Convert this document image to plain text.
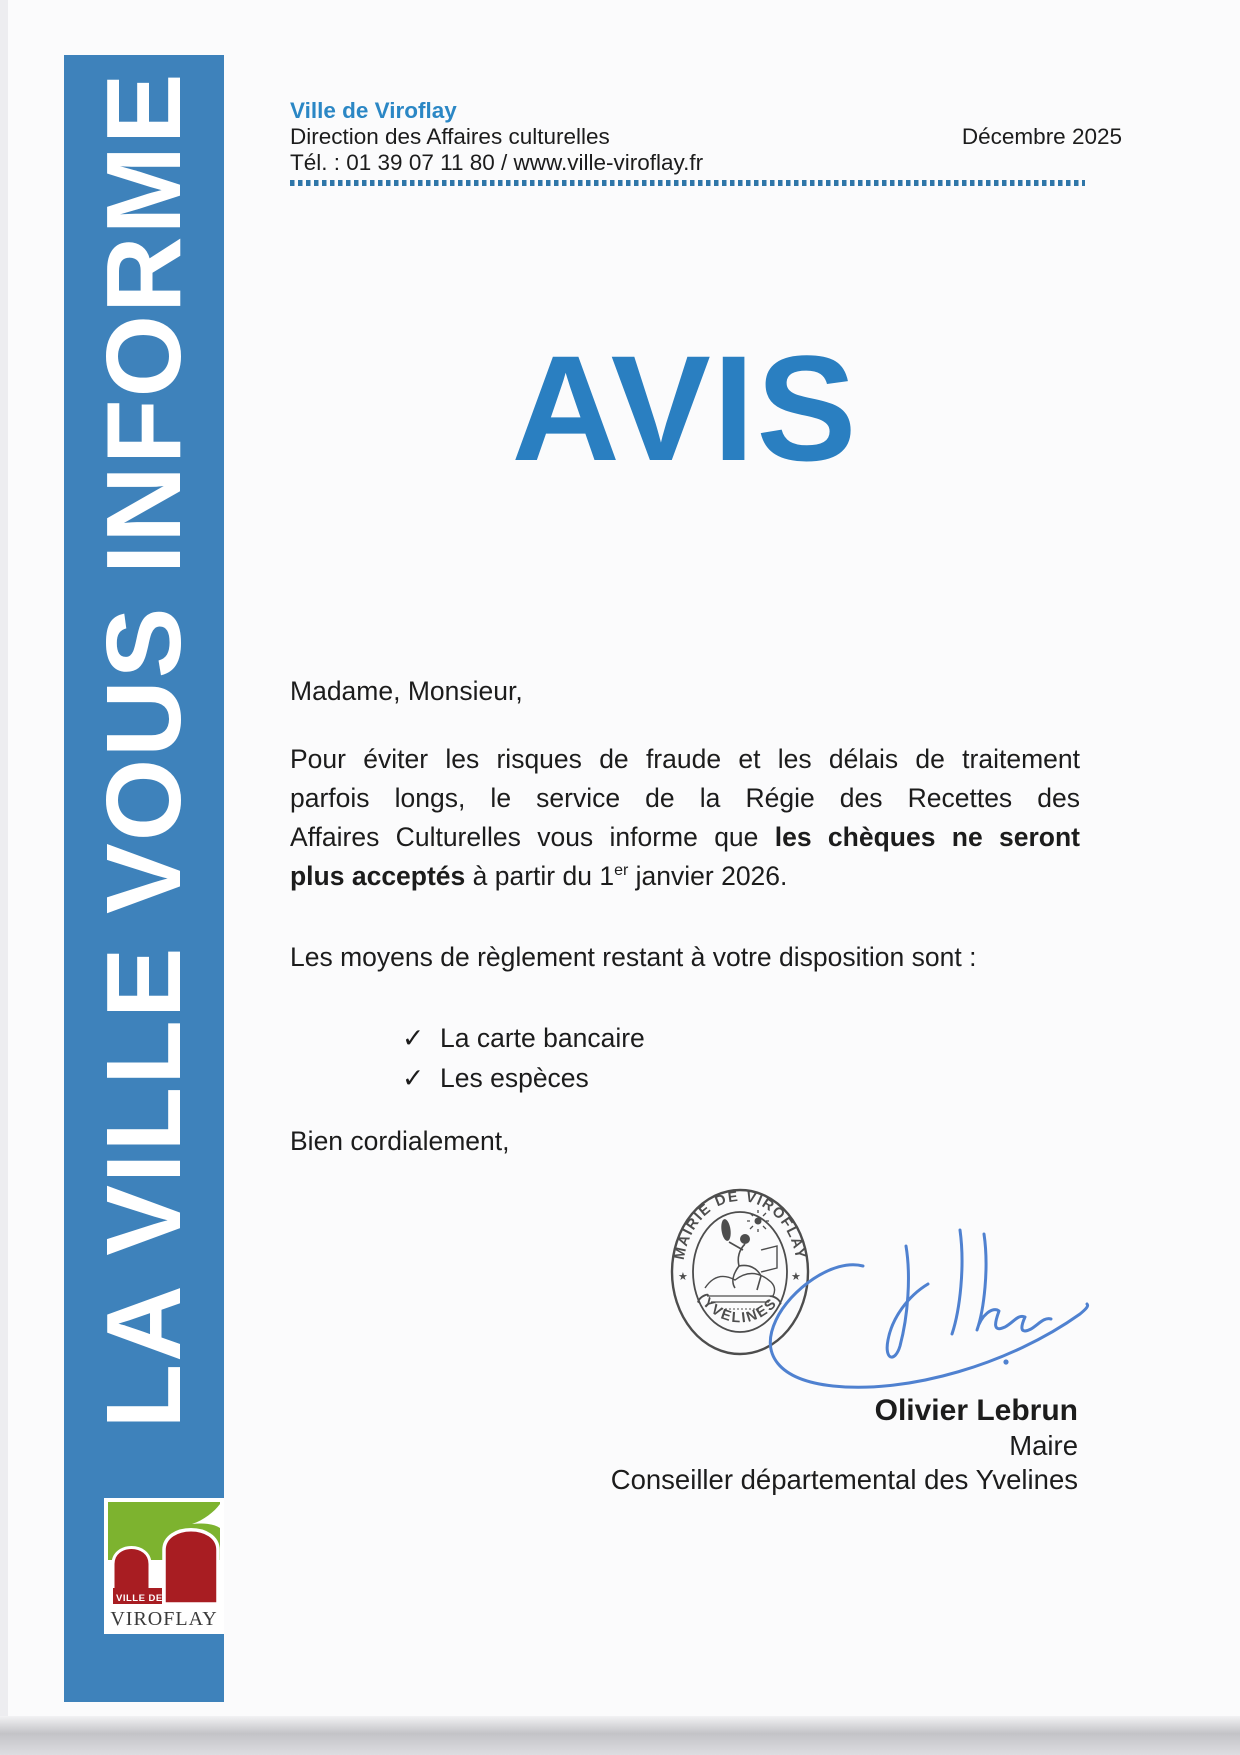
LA VILLE VOUS INFORME
VILLE DE
VIROFLAY
Ville de Viroflay
Direction des Affaires culturelles
Tél. : 01 39 07 11 80 / www.ville-viroflay.fr
Décembre 2025
AVIS
Madame, Monsieur,
Pour éviter les risques de fraude et les délais de traitement
parfois longs, le service de la Régie des Recettes des
Affaires Culturelles vous informe que les chèques ne seront
plus acceptés à partir du 1er janvier 2026.
Les moyens de règlement restant à votre disposition sont :
✓ La carte bancaire
✓ Les espèces
Bien cordialement,
MAIRIE DE VIROFLAY
(YVELINES)
★	★
Olivier Lebrun
Maire
Conseiller départemental des Yvelines
